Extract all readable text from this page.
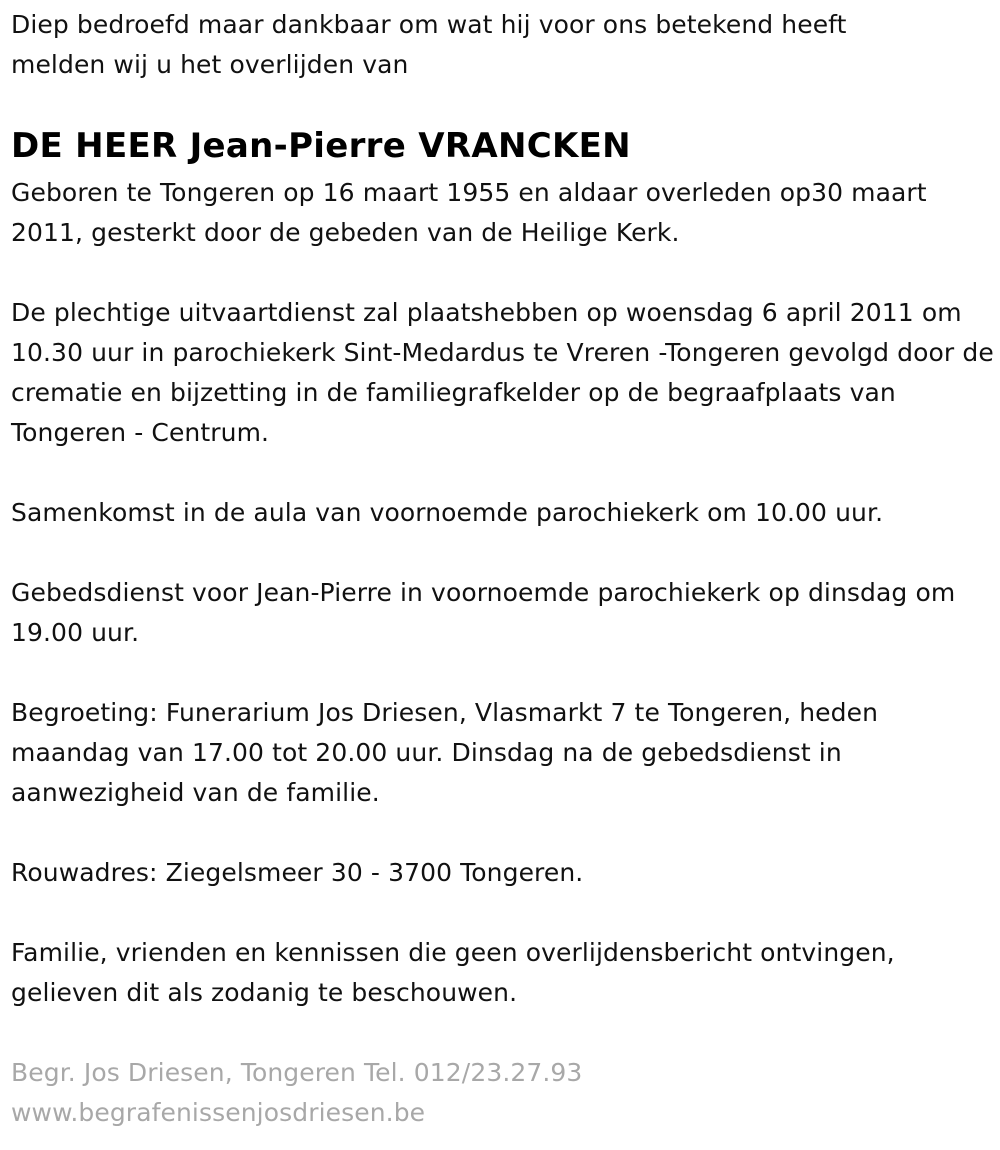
Diep bedroefd maar dankbaar om wat hij voor ons betekend heeft
melden wij u het overlijden van
DE HEER Jean-Pierre VRANCKEN

Geboren te Tongeren op 16 maart 1955 en aldaar overleden op30 maart 2011, gesterkt door de gebeden van de Heilige Kerk.

De plechtige uitvaartdienst zal plaatshebben op woensdag 6 april 2011 om 10.30 uur in parochiekerk Sint-Medardus te Vreren -Tongeren gevolgd door de crematie en bijzetting in de familiegrafkelder op de begraafplaats van Tongeren - Centrum.

Samenkomst in de aula van voornoemde parochiekerk om 10.00 uur.

Gebedsdienst voor Jean-Pierre in voornoemde parochiekerk op dinsdag om 19.00 uur.

Begroeting: Funerarium Jos Driesen, Vlasmarkt 7 te Tongeren, heden maandag van 17.00 tot 20.00 uur. Dinsdag na de gebedsdienst in aanwezigheid van de familie.

Rouwadres: Ziegelsmeer 30 - 3700 Tongeren.

Familie, vrienden en kennissen die geen overlijdensbericht ontvingen, gelieven dit als zodanig te beschouwen.

Begr. Jos Driesen, Tongeren Tel. 012/23.27.93
www.begrafenissenjosdriesen.be
